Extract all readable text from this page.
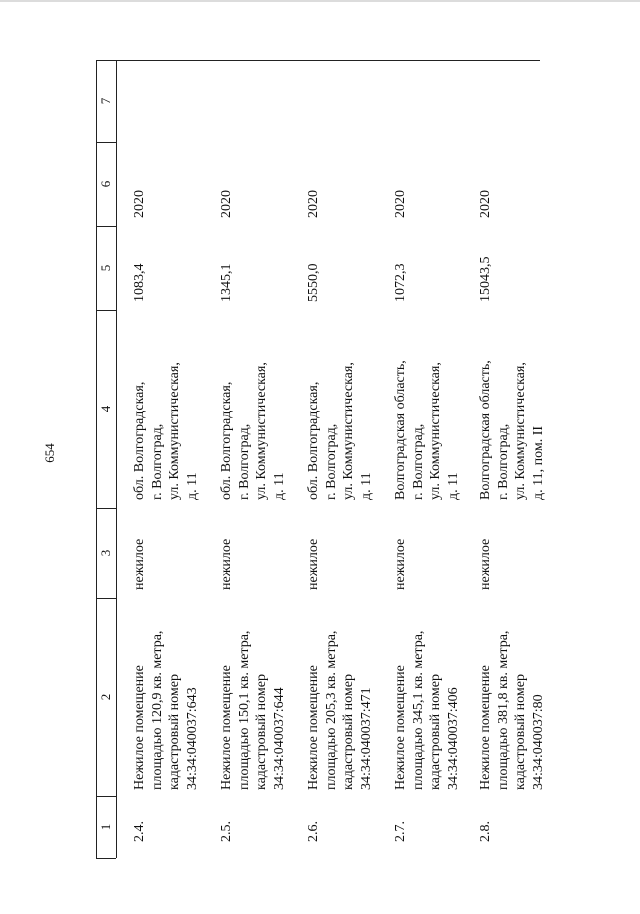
654
1
2
3
4
5
6
7
2.4.
Нежилое помещение площадью 120,9 кв. метра, кадастровый номер 34:34:040037:643
нежилое
обл. Волгоградская, г. Волгоград, ул. Коммунистическая, д. 11
1083,4
2020
2.5.
Нежилое помещение площадью 150,1 кв. метра, кадастровый номер 34:34:040037:644
нежилое
обл. Волгоградская, г. Волгоград, ул. Коммунистическая, д. 11
1345,1
2020
2.6.
Нежилое помещение площадью 205,3 кв. метра, кадастровый номер 34:34:040037:471
нежилое
обл. Волгоградская, г. Волгоград, ул. Коммунистическая, д. 11
5550,0
2020
2.7.
Нежилое помещение площадью 345,1 кв. метра, кадастровый номер 34:34:040037:406
нежилое
Волгоградская область, г. Волгоград, ул. Коммунистическая, д. 11
1072,3
2020
2.8.
Нежилое помещение площадью 381,8 кв. метра, кадастровый номер 34:34:040037:80
нежилое
Волгоградская область, г. Волгоград, ул. Коммунистическая, д. 11, пом. II
15043,5
2020
